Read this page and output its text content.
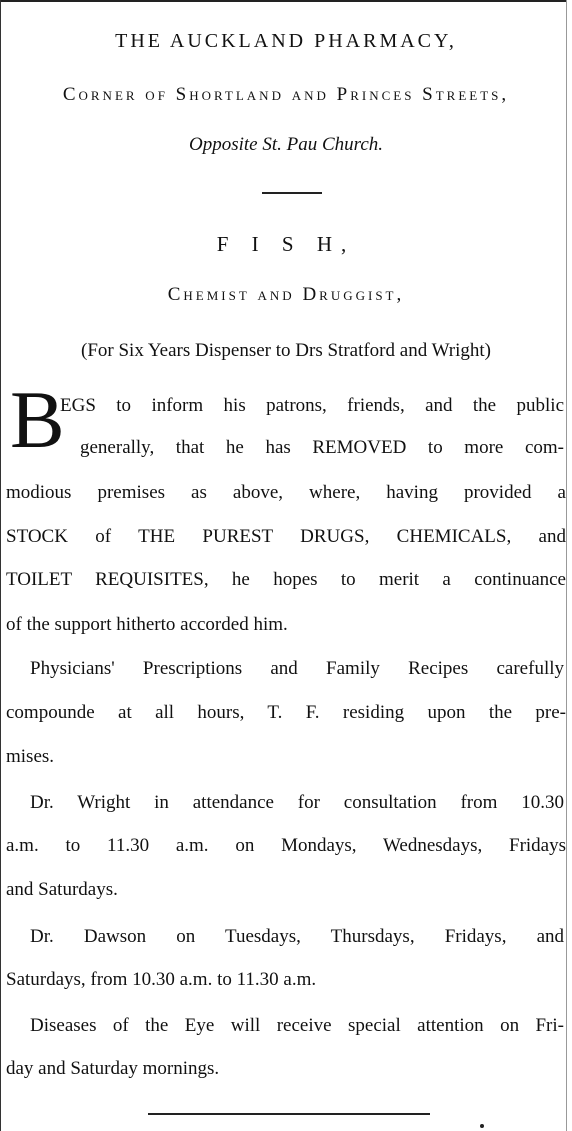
THE AUCKLAND PHARMACY,
Corner of Shortland and Princes Streets,
Opposite St. Pau Church.
F I S H,
Chemist and Druggist,
(For Six Years Dispenser to Drs Stratford and Wright)
B
EGS to inform his patrons, friends, and the public
generally, that he has REMOVED to more com-
modious premises as above, where, having provided a
STOCK of THE PUREST DRUGS, CHEMICALS, and
TOILET REQUISITES, he hopes to merit a continuance
of the support hitherto accorded him.
Physicians' Prescriptions and Family Recipes carefully
compounde at all hours, T. F. residing upon the pre-
mises.
Dr. Wright in attendance for consultation from 10.30
a.m. to 11.30 a.m. on Mondays, Wednesdays, Fridays
and Saturdays.
Dr. Dawson on Tuesdays, Thursdays, Fridays, and
Saturdays, from 10.30 a.m. to 11.30 a.m.
Diseases of the Eye will receive special attention on Fri-
day and Saturday mornings.
